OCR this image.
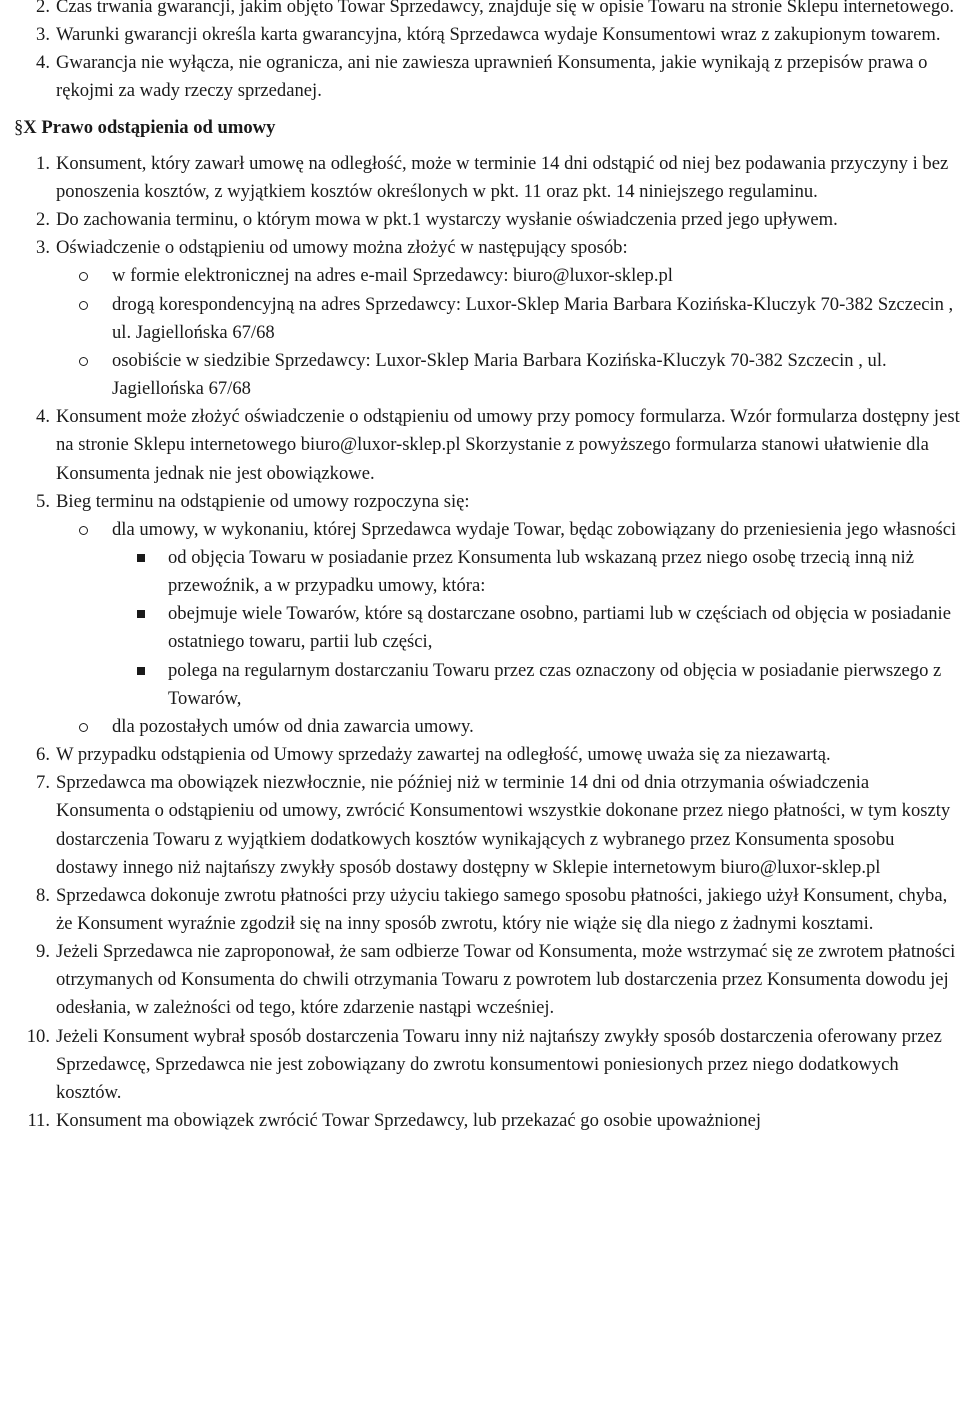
2. Czas trwania gwarancji, jakim objęto Towar Sprzedawcy, znajduje się w opisie Towaru na stronie Sklepu internetowego.
3. Warunki gwarancji określa karta gwarancyjna, którą Sprzedawca wydaje Konsumentowi wraz z zakupionym towarem.
4. Gwarancja nie wyłącza, nie ogranicza, ani nie zawiesza uprawnień Konsumenta, jakie wynikają z przepisów prawa o rękojmi za wady rzeczy sprzedanej.
§X Prawo odstąpienia od umowy
1. Konsument, który zawarł umowę na odległość, może w terminie 14 dni odstąpić od niej bez podawania przyczyny i bez ponoszenia kosztów, z wyjątkiem kosztów określonych w pkt. 11 oraz pkt. 14 niniejszego regulaminu.
2. Do zachowania terminu, o którym mowa w pkt.1 wystarczy wysłanie oświadczenia przed jego upływem.
3. Oświadczenie o odstąpieniu od umowy można złożyć w następujący sposób:
w formie elektronicznej na adres e-mail Sprzedawcy: biuro@luxor-sklep.pl
drogą korespondencyjną na adres Sprzedawcy: Luxor-Sklep Maria Barbara Kozińska-Kluczyk 70-382 Szczecin , ul. Jagiellońska 67/68
osobiście w siedzibie Sprzedawcy: Luxor-Sklep Maria Barbara Kozińska-Kluczyk 70-382 Szczecin , ul. Jagiellońska 67/68
4. Konsument może złożyć oświadczenie o odstąpieniu od umowy przy pomocy formularza. Wzór formularza dostępny jest na stronie Sklepu internetowego biuro@luxor-sklep.pl Skorzystanie z powyższego formularza stanowi ułatwienie dla Konsumenta jednak nie jest obowiązkowe.
5. Bieg terminu na odstąpienie od umowy rozpoczyna się:
dla umowy, w wykonaniu, której Sprzedawca wydaje Towar, będąc zobowiązany do przeniesienia jego własności
od objęcia Towaru w posiadanie przez Konsumenta lub wskazaną przez niego osobę trzecią inną niż przewoźnik, a w przypadku umowy, która:
obejmuje wiele Towarów, które są dostarczane osobno, partiami lub w częściach od objęcia w posiadanie ostatniego towaru, partii lub części,
polega na regularnym dostarczaniu Towaru przez czas oznaczony od objęcia w posiadanie pierwszego z Towarów,
dla pozostałych umów od dnia zawarcia umowy.
6. W przypadku odstąpienia od Umowy sprzedaży zawartej na odległość, umowę uważa się za niezawartą.
7. Sprzedawca ma obowiązek niezwłocznie, nie później niż w terminie 14 dni od dnia otrzymania oświadczenia Konsumenta o odstąpieniu od umowy, zwrócić Konsumentowi wszystkie dokonane przez niego płatności, w tym koszty dostarczenia Towaru z wyjątkiem dodatkowych kosztów wynikających z wybranego przez Konsumenta sposobu dostawy innego niż najtańszy zwykły sposób dostawy dostępny w Sklepie internetowym biuro@luxor-sklep.pl
8. Sprzedawca dokonuje zwrotu płatności przy użyciu takiego samego sposobu płatności, jakiego użył Konsument, chyba, że Konsument wyraźnie zgodził się na inny sposób zwrotu, który nie wiąże się dla niego z żadnymi kosztami.
9. Jeżeli Sprzedawca nie zaproponował, że sam odbierze Towar od Konsumenta, może wstrzymać się ze zwrotem płatności otrzymanych od Konsumenta do chwili otrzymania Towaru z powrotem lub dostarczenia przez Konsumenta dowodu jej odesłania, w zależności od tego, które zdarzenie nastąpi wcześniej.
10. Jeżeli Konsument wybrał sposób dostarczenia Towaru inny niż najtańszy zwykły sposób dostarczenia oferowany przez Sprzedawcę, Sprzedawca nie jest zobowiązany do zwrotu konsumentowi poniesionych przez niego dodatkowych kosztów.
11. Konsument ma obowiązek zwrócić Towar Sprzedawcy, lub przekazać go osobie upoważnionej
